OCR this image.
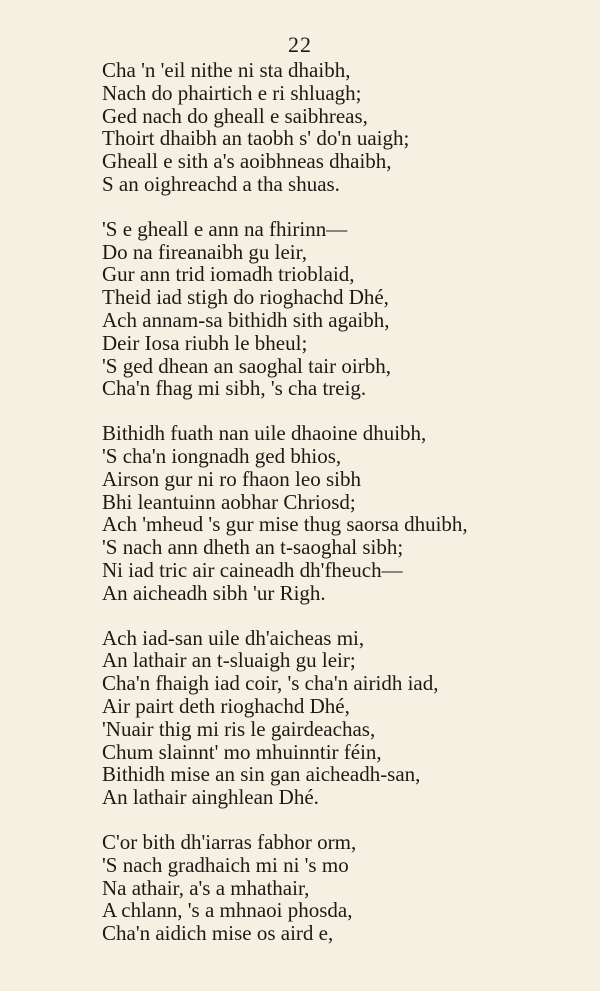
22
Cha 'n 'eil nithe ni sta dhaibh,
Nach do phairtich e ri shluagh;
Ged nach do gheall e saibhreas,
Thoirt dhaibh an taobh s' do'n uaigh;
Gheall e sith a's aoibhneas dhaibh,
S an oighreachd a tha shuas.
'S e gheall e ann na fhirinn—
Do na fireanaibh gu leir,
Gur ann trid iomadh trioblaid,
Theid iad stigh do rioghachd Dhé,
Ach annam-sa bithidh sith agaibh,
Deir Iosa riubh le bheul;
'S ged dhean an saoghal tair oirbh,
Cha'n fhag mi sibh, 's cha treig.
Bithidh fuath nan uile dhaoine dhuibh,
'S cha'n iongnadh ged bhios,
Airson gur ni ro fhaon leo sibh
Bhi leantuinn aobhar Chriosd;
Ach 'mheud 's gur mise thug saorsa dhuibh,
'S nach ann dheth an t-saoghal sibh;
Ni iad tric air caineadh dh'fheuch—
An aicheadh sibh 'ur Righ.
Ach iad-san uile dh'aicheas mi,
An lathair an t-sluaigh gu leir;
Cha'n fhaigh iad coir, 's cha'n airidh iad,
Air pairt deth rioghachd Dhé,
'Nuair thig mi ris le gairdeachas,
Chum slainnt' mo mhuinntir féin,
Bithidh mise an sin gan aicheadh-san,
An lathair ainghlean Dhé.
C'or bith dh'iarras fabhor orm,
'S nach gradhaich mi ni 's mo
Na athair, a's a mhathair,
A chlann, 's a mhnaoi phosda,
Cha'n aidich mise os aird e,
